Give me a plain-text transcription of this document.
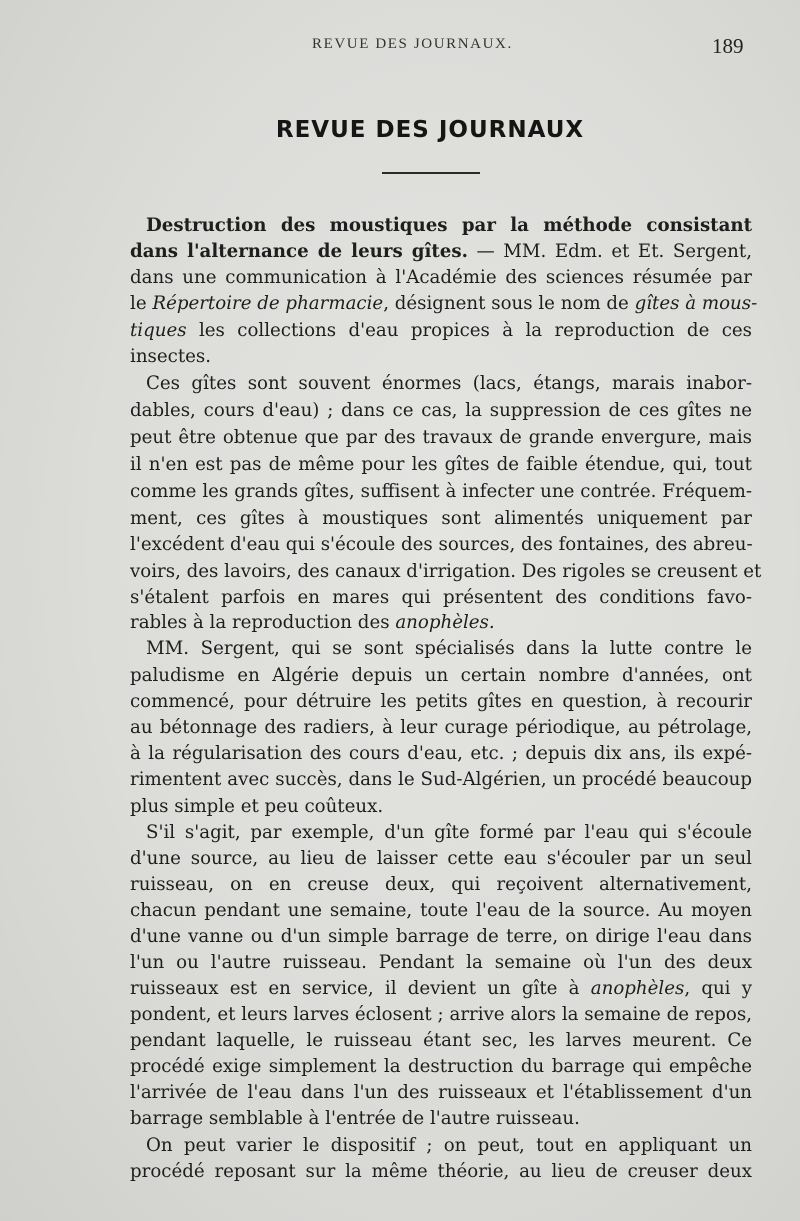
REVUE DES JOURNAUX.	189
REVUE DES JOURNAUX

Destruction des moustiques par la méthode consistant

dans l'alternance de leurs gîtes. — MM. Edm. et Et. Sergent,

dans une communication à l'Académie des sciences résumée par

le Répertoire de pharmacie, désignent sous le nom de gîtes à mous-

tiques les collections d'eau propices à la reproduction de ces

insectes.

Ces gîtes sont souvent énormes (lacs, étangs, marais inabor-

dables, cours d'eau) ; dans ce cas, la suppression de ces gîtes ne

peut être obtenue que par des travaux de grande envergure, mais

il n'en est pas de même pour les gîtes de faible étendue, qui, tout

comme les grands gîtes, suffisent à infecter une contrée. Fréquem-

ment, ces gîtes à moustiques sont alimentés uniquement par

l'excédent d'eau qui s'écoule des sources, des fontaines, des abreu-

voirs, des lavoirs, des canaux d'irrigation. Des rigoles se creusent et

s'étalent parfois en mares qui présentent des conditions favo-

rables à la reproduction des anophèles.

MM. Sergent, qui se sont spécialisés dans la lutte contre le

paludisme en Algérie depuis un certain nombre d'années, ont

commencé, pour détruire les petits gîtes en question, à recourir

au bétonnage des radiers, à leur curage périodique, au pétrolage,

à la régularisation des cours d'eau, etc. ; depuis dix ans, ils expé-

rimentent avec succès, dans le Sud-Algérien, un procédé beaucoup

plus simple et peu coûteux.

S'il s'agit, par exemple, d'un gîte formé par l'eau qui s'écoule

d'une source, au lieu de laisser cette eau s'écouler par un seul

ruisseau, on en creuse deux, qui reçoivent alternativement,

chacun pendant une semaine, toute l'eau de la source. Au moyen

d'une vanne ou d'un simple barrage de terre, on dirige l'eau dans

l'un ou l'autre ruisseau. Pendant la semaine où l'un des deux

ruisseaux est en service, il devient un gîte à anophèles, qui y

pondent, et leurs larves éclosent ; arrive alors la semaine de repos,

pendant laquelle, le ruisseau étant sec, les larves meurent. Ce

procédé exige simplement la destruction du barrage qui empêche

l'arrivée de l'eau dans l'un des ruisseaux et l'établissement d'un

barrage semblable à l'entrée de l'autre ruisseau.

On peut varier le dispositif ; on peut, tout en appliquant un

procédé reposant sur la même théorie, au lieu de creuser deux
